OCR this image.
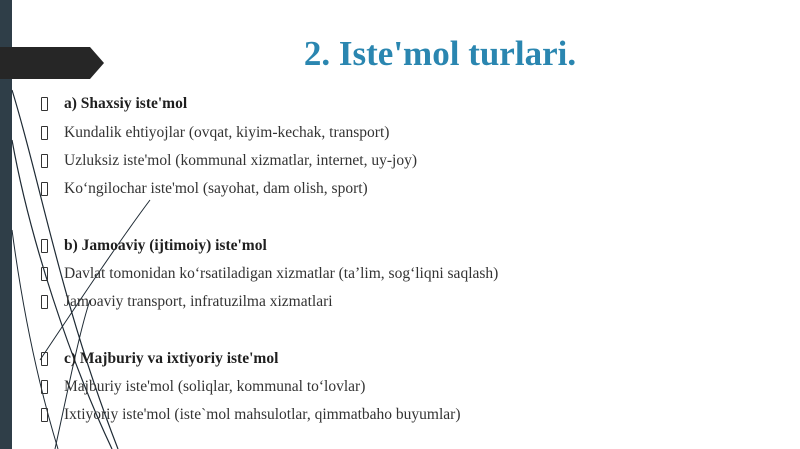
2. Iste'mol turlari.
a) Shaxsiy iste'mol
Kundalik ehtiyojlar (ovqat, kiyim-kechak, transport)
Uzluksiz iste'mol (kommunal xizmatlar, internet, uy-joy)
Ko‘ngilochar iste'mol (sayohat, dam olish, sport)
b) Jamoaviy (ijtimoiy) iste'mol
Davlat tomonidan ko‘rsatiladigan xizmatlar (ta’lim, sog‘liqni saqlash)
Jamoaviy transport, infratuzilma xizmatlari
c) Majburiy va ixtiyoriy iste'mol
Majburiy iste'mol (soliqlar, kommunal to‘lovlar)
Ixtiyoriy iste'mol (iste`mol mahsulotlar, qimmatbaho buyumlar)
